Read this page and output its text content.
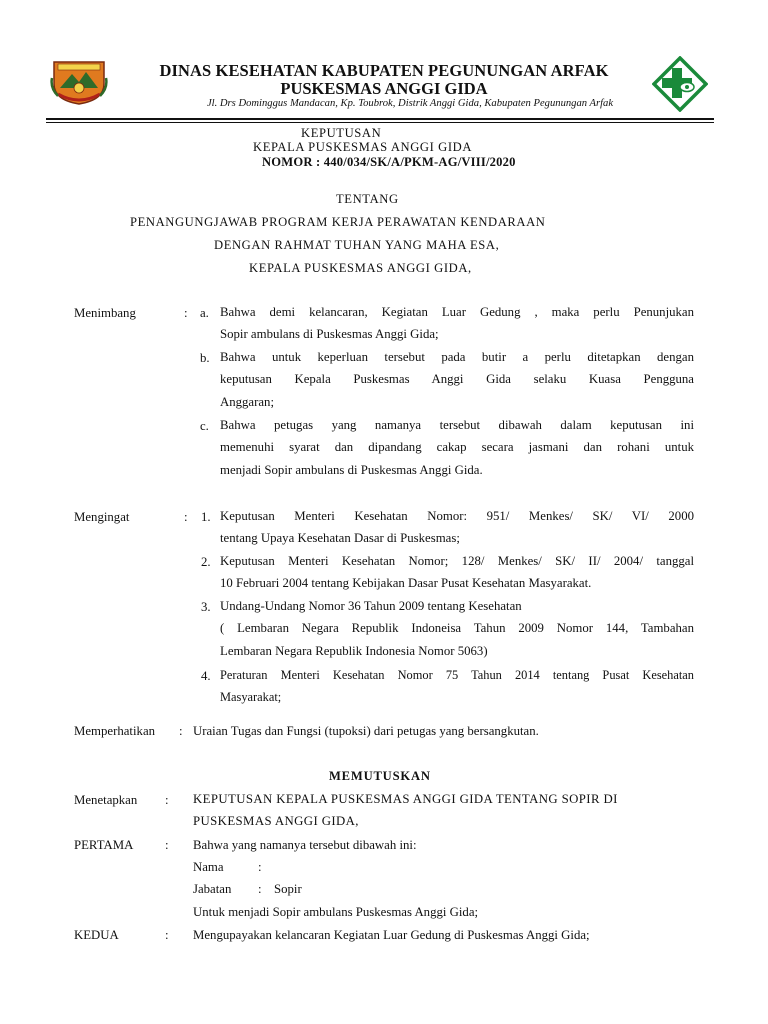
DINAS KESEHATAN KABUPATEN PEGUNUNGAN ARFAK
PUSKESMAS ANGGI GIDA
Jl. Drs Dominggus Mandacan, Kp. Toubrok, Distrik Anggi Gida, Kabupaten Pegunungan Arfak
KEPUTUSAN
KEPALA PUSKESMAS ANGGI GIDA
NOMOR : 440/034/SK/A/PKM-AG/VIII/2020
TENTANG
PENANGUNGJAWAB PROGRAM KERJA PERAWATAN KENDARAAN
DENGAN RAHMAT TUHAN YANG MAHA ESA,
KEPALA PUSKESMAS ANGGI GIDA,
Menimbang	: a. Bahwa demi kelancaran, Kegiatan Luar Gedung , maka perlu Penunjukan
Sopir ambulans di Puskesmas Anggi Gida;
b. Bahwa untuk keperluan tersebut pada butir a perlu ditetapkan dengan
keputusan Kepala Puskesmas Anggi Gida selaku Kuasa Pengguna
Anggaran;
c. Bahwa petugas yang namanya tersebut dibawah dalam keputusan ini
memenuhi syarat dan dipandang cakap secara jasmani dan rohani untuk
menjadi Sopir ambulans di Puskesmas Anggi Gida.
Mengingat	: 1. Keputusan Menteri Kesehatan Nomor: 951/ Menkes/ SK/ VI/ 2000
tentang Upaya Kesehatan Dasar di Puskesmas;
2. Keputusan Menteri Kesehatan Nomor; 128/ Menkes/ SK/ II/ 2004/ tanggal
10 Februari 2004 tentang Kebijakan Dasar Pusat Kesehatan Masyarakat.
3. Undang-Undang Nomor 36 Tahun 2009 tentang Kesehatan
( Lembaran Negara Republik Indoneisa Tahun 2009 Nomor 144, Tambahan
Lembaran Negara Republik Indonesia Nomor 5063)
4. Peraturan Menteri Kesehatan Nomor 75 Tahun 2014 tentang Pusat Kesehatan
Masyarakat;
Memperhatikan : Uraian Tugas dan Fungsi (tupoksi) dari petugas yang bersangkutan.
MEMUTUSKAN
Menetapkan : KEPUTUSAN KEPALA PUSKESMAS ANGGI GIDA TENTANG SOPIR DI
PUSKESMAS ANGGI GIDA,
PERTAMA : Bahwa yang namanya tersebut dibawah ini:
Nama	:
Jabatan : Sopir
Untuk menjadi Sopir ambulans Puskesmas Anggi Gida;
KEDUA	: Mengupayakan kelancaran Kegiatan Luar Gedung di Puskesmas Anggi Gida;
